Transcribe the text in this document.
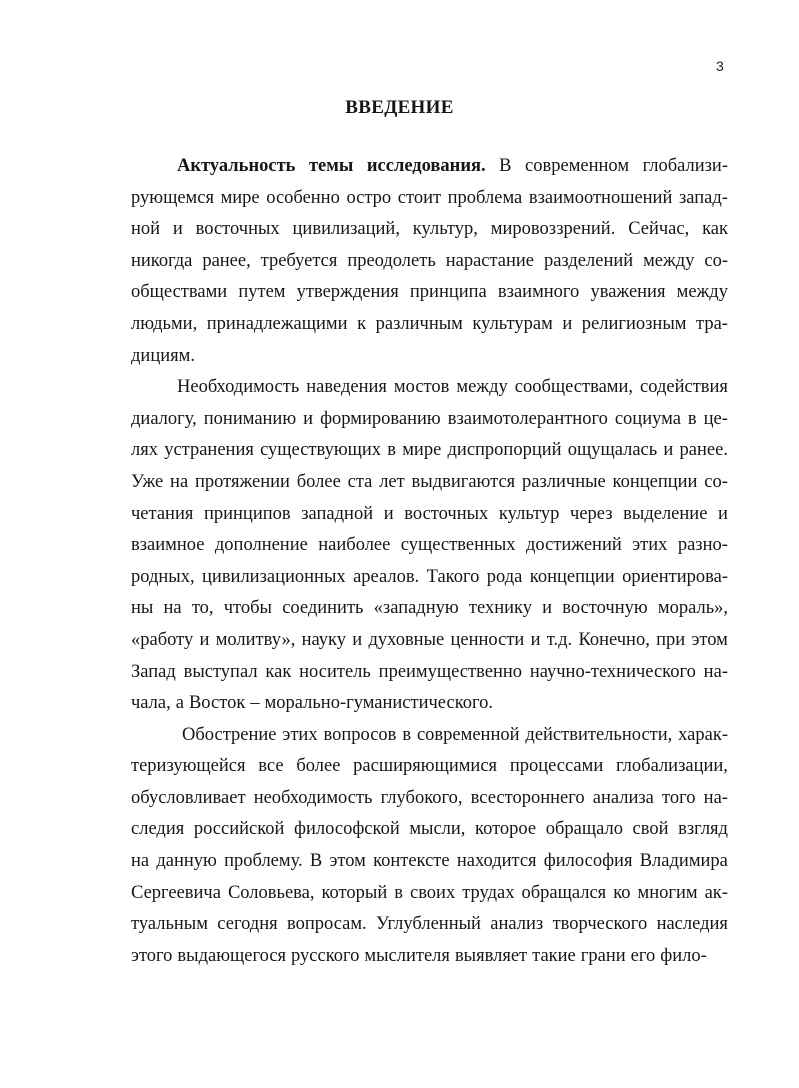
3
ВВЕДЕНИЕ
Актуальность темы исследования. В современном глобализи-
рующемся мире особенно остро стоит проблема взаимоотношений запад-
ной и восточных цивилизаций, культур, мировоззрений. Сейчас, как
никогда ранее, требуется преодолеть нарастание разделений между со-
обществами путем утверждения принципа взаимного уважения между
людьми, принадлежащими к различным культурам и религиозным тра-
дициям.
Необходимость наведения мостов между сообществами, содействия
диалогу, пониманию и формированию взаимотолерантного социума в це-
лях устранения существующих в мире диспропорций ощущалась и ранее.
Уже на протяжении более ста лет выдвигаются различные концепции со-
четания принципов западной и восточных культур через выделение и
взаимное дополнение наиболее существенных достижений этих разно-
родных, цивилизационных ареалов. Такого рода концепции ориентирова-
ны на то, чтобы соединить «западную технику и восточную мораль»,
«работу и молитву», науку и духовные ценности и т.д. Конечно, при этом
Запад выступал как носитель преимущественно научно-технического на-
чала, а Восток – морально-гуманистического.
Обострение этих вопросов в современной действительности, харак-
теризующейся все более расширяющимися процессами глобализации,
обусловливает необходимость глубокого, всестороннего анализа того на-
следия российской философской мысли, которое обращало свой взгляд
на данную проблему. В этом контексте находится философия Владимира
Сергеевича Соловьева, который в своих трудах обращался ко многим ак-
туальным сегодня вопросам. Углубленный анализ творческого наследия
этого выдающегося русского мыслителя выявляет такие грани его фило-
